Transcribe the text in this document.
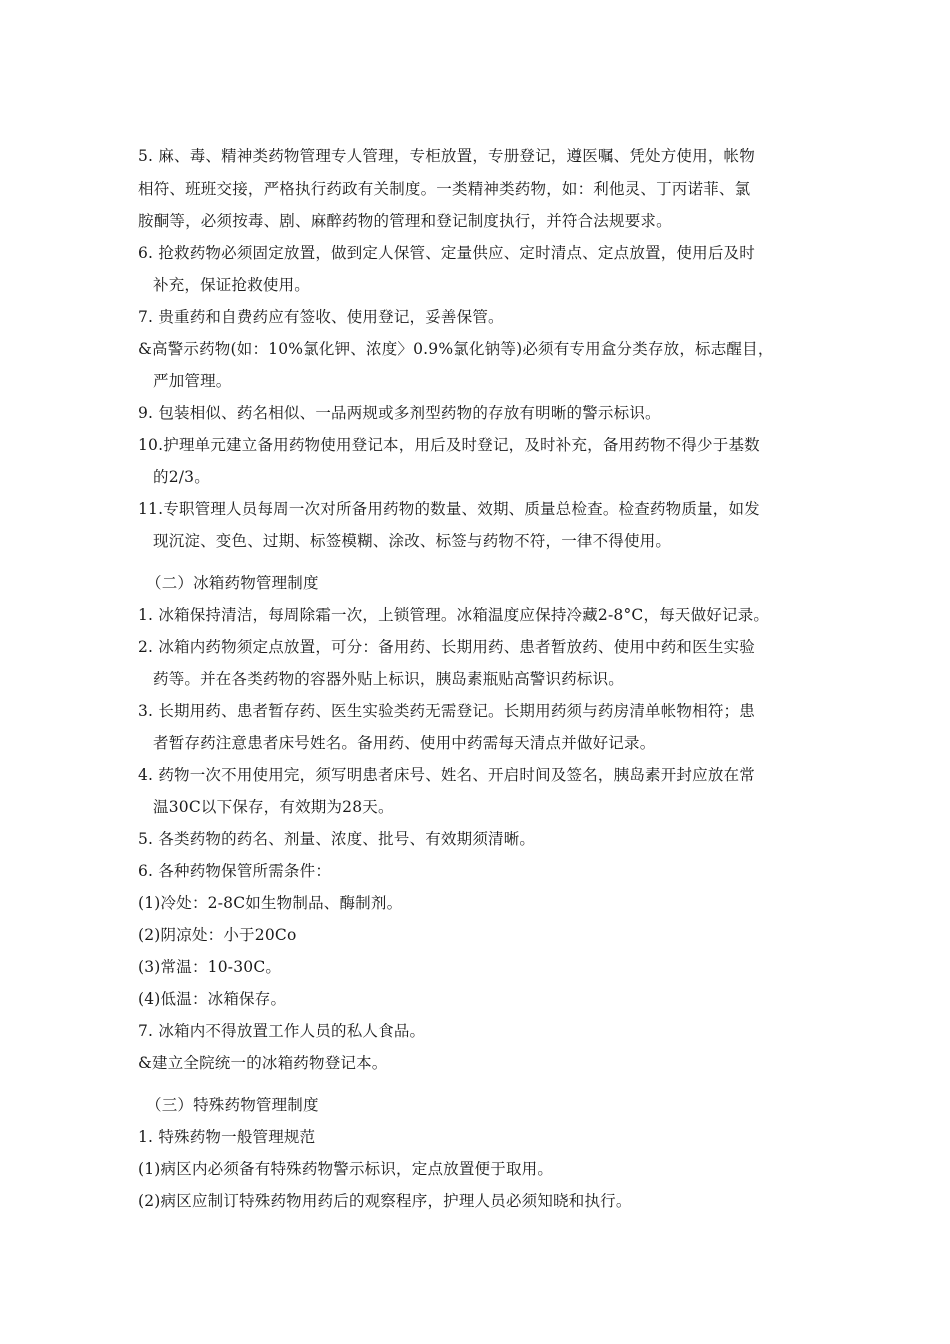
5. 麻、毒、精神类药物管理专人管理，专柜放置，专册登记，遵医嘱、凭处方使用，帐物
相符、班班交接，严格执行药政有关制度。一类精神类药物，如：利他灵、丁丙诺菲、氯
胺酮等，必须按毒、剧、麻醉药物的管理和登记制度执行，并符合法规要求。
6. 抢救药物必须固定放置，做到定人保管、定量供应、定时清点、定点放置，使用后及时
补充，保证抢救使用。
7. 贵重药和自费药应有签收、使用登记，妥善保管。
&高警示药物(如：10%氯化钾、浓度〉0.9%氯化钠等)必须有专用盒分类存放，标志醒目，
严加管理。
9. 包装相似、药名相似、一品两规或多剂型药物的存放有明晰的警示标识。
10.护理单元建立备用药物使用登记本，用后及时登记，及时补充，备用药物不得少于基数
的2/3。
11.专职管理人员每周一次对所备用药物的数量、效期、质量总检查。检查药物质量，如发
现沉淀、变色、过期、标签模糊、涂改、标签与药物不符，一律不得使用。
（二）冰箱药物管理制度
1. 冰箱保持清洁，每周除霜一次，上锁管理。冰箱温度应保持冷藏2-8°C，每天做好记录。
2. 冰箱内药物须定点放置，可分：备用药、长期用药、患者暂放药、使用中药和医生实验
药等。并在各类药物的容器外贴上标识，胰岛素瓶贴高警识药标识。
3. 长期用药、患者暂存药、医生实验类药无需登记。长期用药须与药房清单帐物相符；患
者暂存药注意患者床号姓名。备用药、使用中药需每天清点并做好记录。
4. 药物一次不用使用完，须写明患者床号、姓名、开启时间及签名，胰岛素开封应放在常
温30C以下保存，有效期为28天。
5. 各类药物的药名、剂量、浓度、批号、有效期须清晰。
6. 各种药物保管所需条件：
(1)冷处：2-8C如生物制品、酶制剂。
(2)阴凉处：小于20Co
(3)常温：10-30C。
(4)低温：冰箱保存。
7. 冰箱内不得放置工作人员的私人食品。
&建立全院统一的冰箱药物登记本。
（三）特殊药物管理制度
1. 特殊药物一般管理规范
(1)病区内必须备有特殊药物警示标识，定点放置便于取用。
(2)病区应制订特殊药物用药后的观察程序，护理人员必须知晓和执行。
